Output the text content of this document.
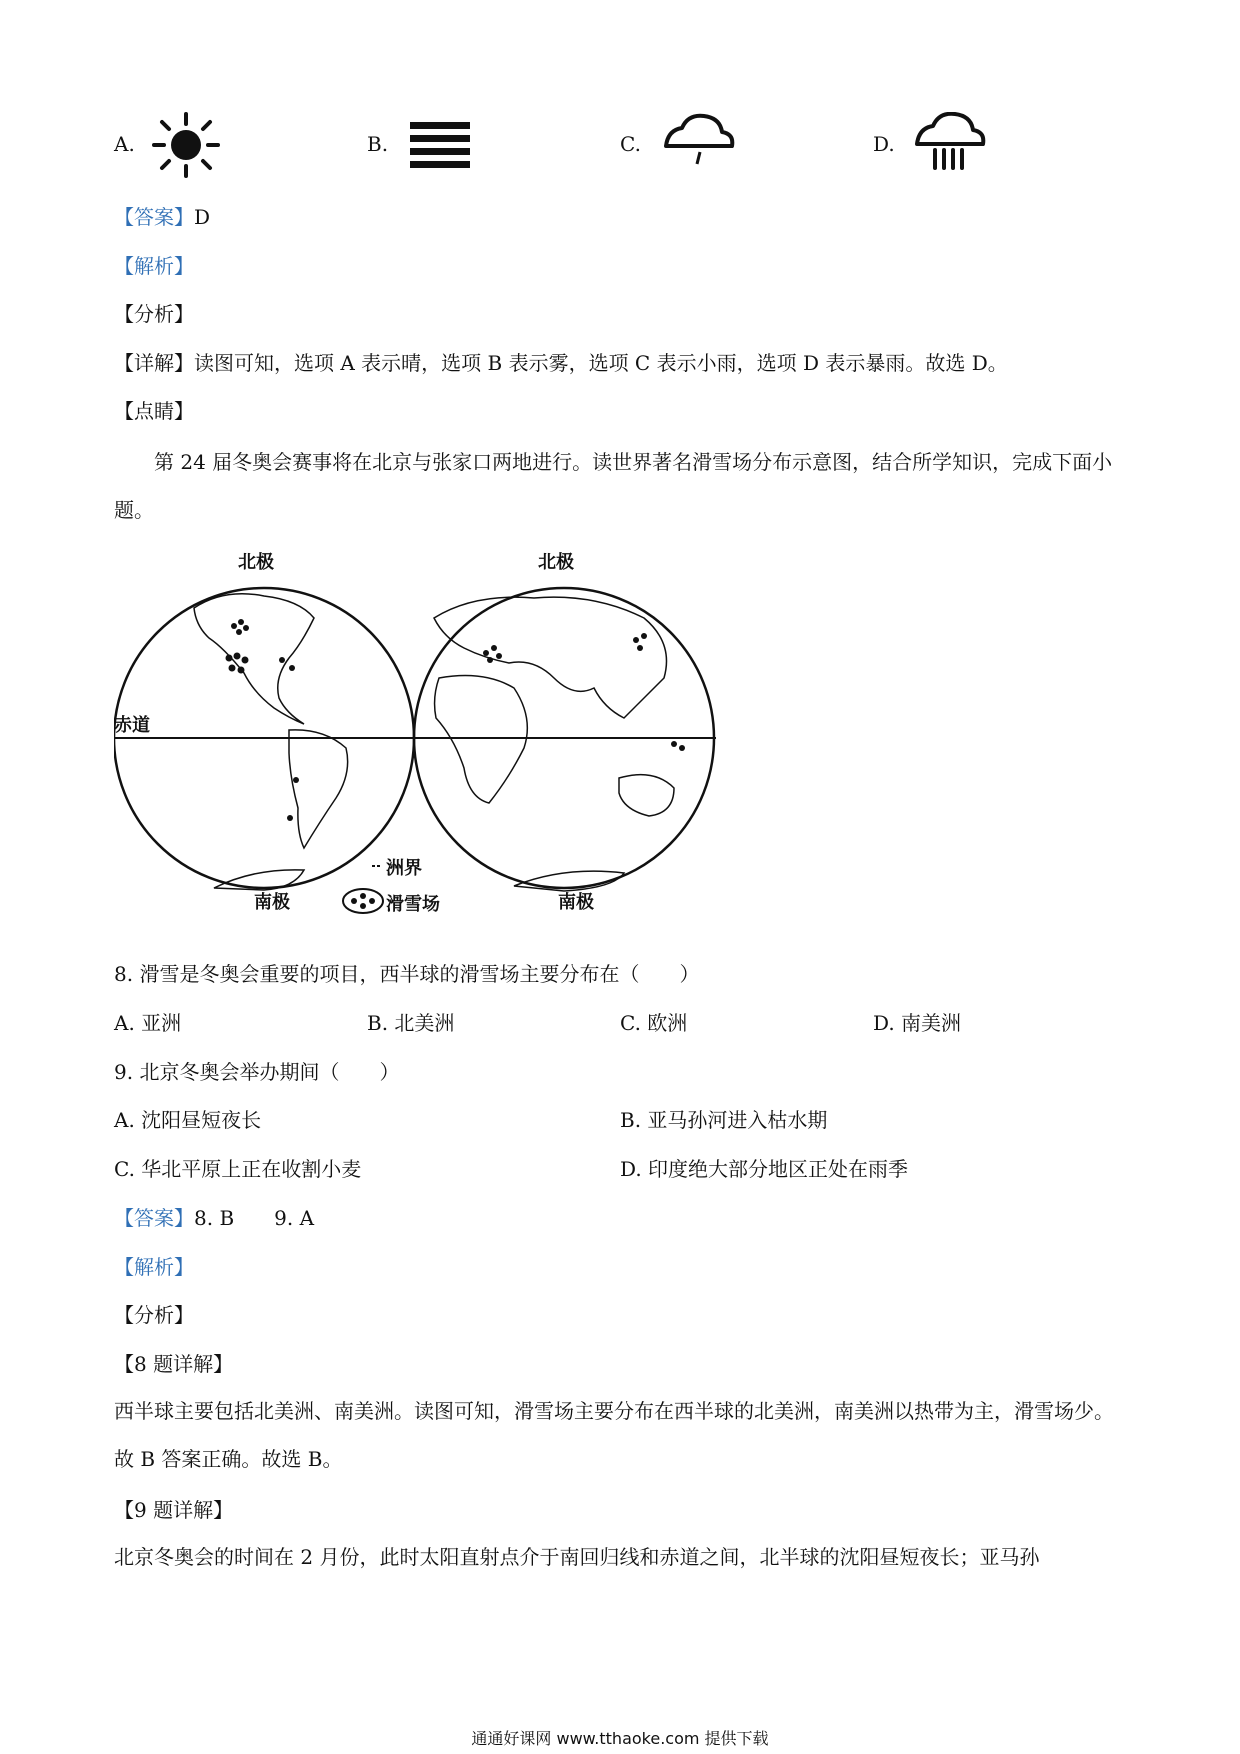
A.	B.	C.	D.
【答案】D
【解析】
【分析】
【详解】读图可知，选项 A 表示晴，选项 B 表示雾，选项 C 表示小雨，选项 D 表示暴雨。故选 D。
【点睛】
第 24 届冬奥会赛事将在北京与张家口两地进行。读世界著名滑雪场分布示意图，结合所学知识，完成下面小题。
北极	北极
赤道
南极	南极
洲界
滑雪场
8. 滑雪是冬奥会重要的项目，西半球的滑雪场主要分布在（　　）
A. 亚洲	B. 北美洲	C. 欧洲	D. 南美洲
9. 北京冬奥会举办期间（　　）
A. 沈阳昼短夜长	B. 亚马孙河进入枯水期
C. 华北平原上正在收割小麦	D. 印度绝大部分地区正处在雨季
【答案】8. B 9. A
【解析】
【分析】
【8 题详解】
西半球主要包括北美洲、南美洲。读图可知，滑雪场主要分布在西半球的北美洲，南美洲以热带为主，滑雪场少。故 B 答案正确。故选 B。
【9 题详解】
北京冬奥会的时间在 2 月份，此时太阳直射点介于南回归线和赤道之间，北半球的沈阳昼短夜长；亚马孙
通通好课网 www.tthaoke.com 提供下载
